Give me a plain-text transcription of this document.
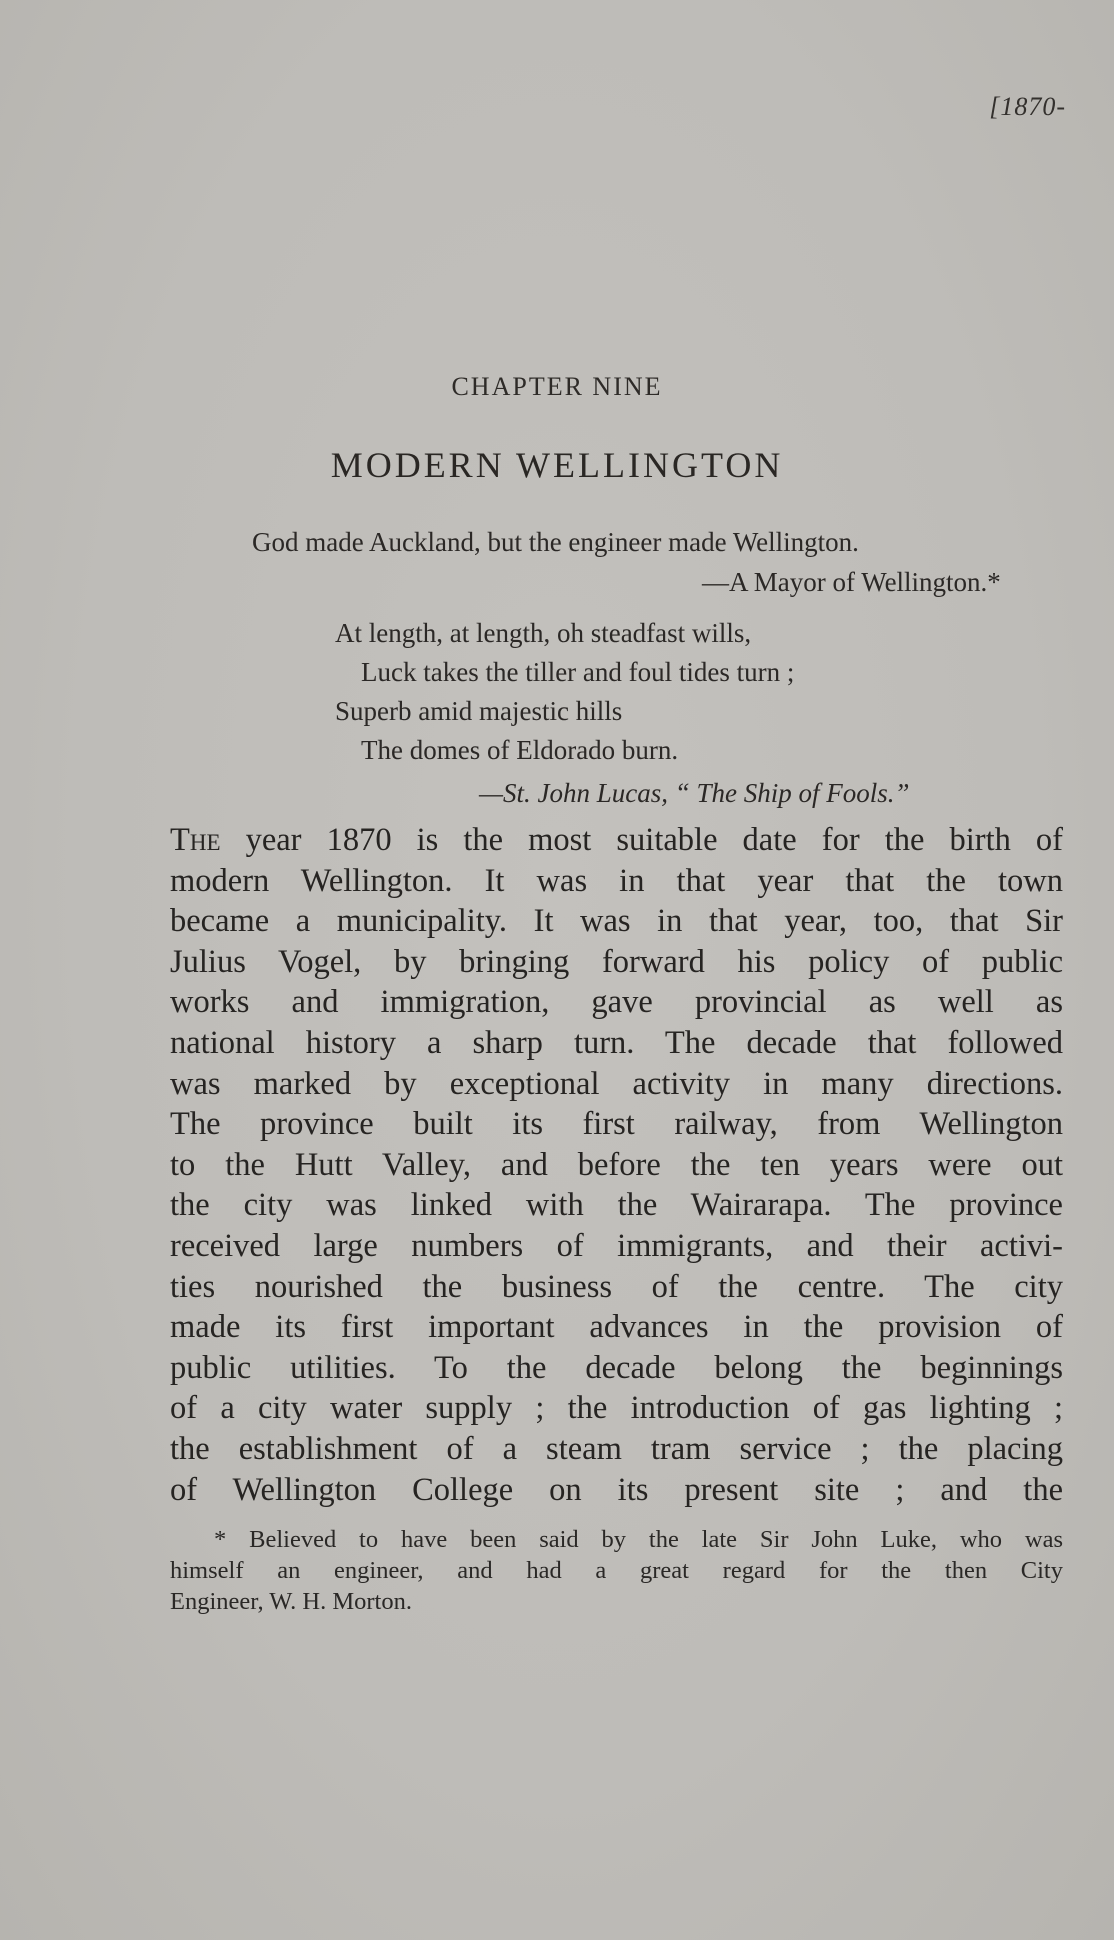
[1870-
CHAPTER NINE
MODERN WELLINGTON
God made Auckland, but the engineer made Wellington.
—A Mayor of Wellington.*
At length, at length, oh steadfast wills,
Luck takes the tiller and foul tides turn ;
Superb amid majestic hills
The domes of Eldorado burn.
—St. John Lucas, “ The Ship of Fools.”
The year 1870 is the most suitable date for the birth of
modern Wellington. It was in that year that the town
became a municipality. It was in that year, too, that Sir
Julius Vogel, by bringing forward his policy of public
works and immigration, gave provincial as well as
national history a sharp turn. The decade that followed
was marked by exceptional activity in many directions.
The province built its first railway, from Wellington
to the Hutt Valley, and before the ten years were out
the city was linked with the Wairarapa. The province
received large numbers of immigrants, and their activi-
ties nourished the business of the centre. The city
made its first important advances in the provision of
public utilities. To the decade belong the beginnings
of a city water supply ; the introduction of gas lighting ;
the establishment of a steam tram service ; the placing
of Wellington College on its present site ; and the
* Believed to have been said by the late Sir John Luke, who was
himself an engineer, and had a great regard for the then City
Engineer, W. H. Morton.
